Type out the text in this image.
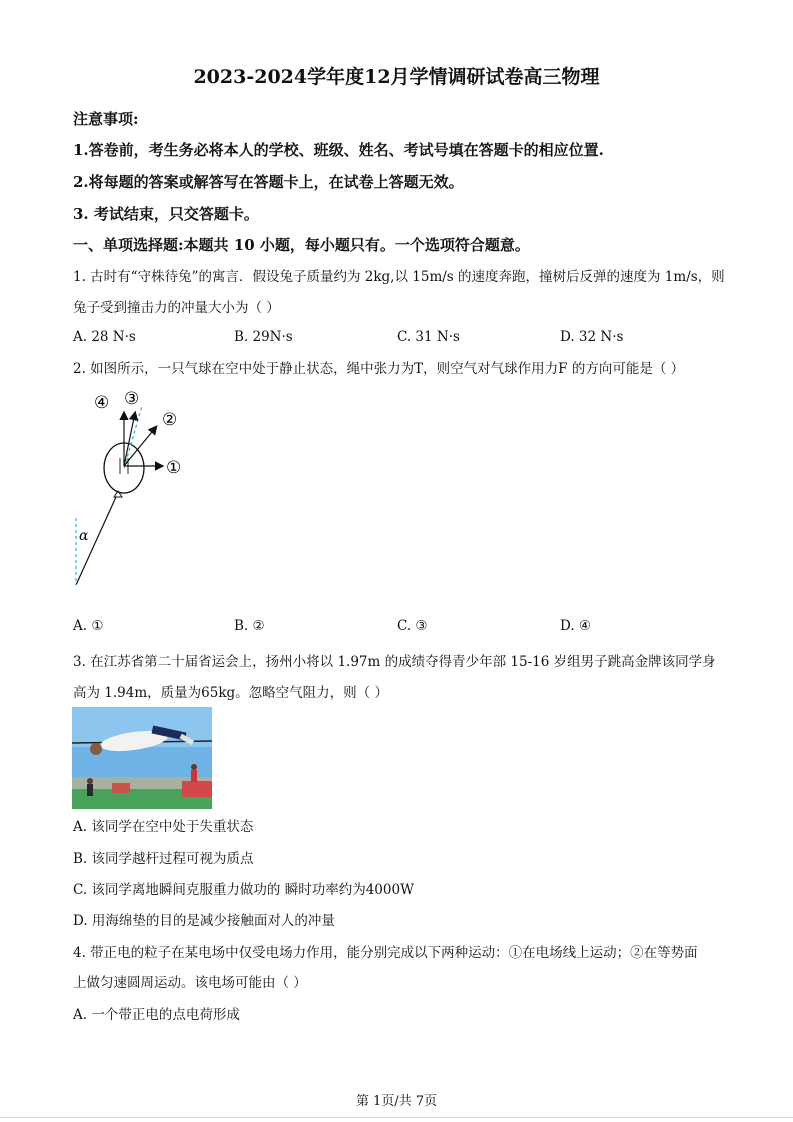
2023-2024学年度12月学情调研试卷高三物理
注意事项:
1.答卷前，考生务必将本人的学校、班级、姓名、考试号填在答题卡的相应位置.
2.将每题的答案或解答写在答题卡上，在试卷上答题无效。
3. 考试结束，只交答题卡。
一、单项选择题:本题共 10 小题，每小题只有。一个选项符合题意。
1. 古时有“守株待兔”的寓言．假设兔子质量约为 2kg,以 15m/s 的速度奔跑，撞树后反弹的速度为 1m/s，则
兔子受到撞击力的冲量大小为（ ）
A. 28 N·s	B. 29N·s	C. 31 N·s	D. 32 N·s
2. 如图所示，一只气球在空中处于静止状态，绳中张力为T，则空气对气球作用力F 的方向可能是（ ）
④ ③
②
①
α
A. ①	B. ②	C. ③	D. ④
3. 在江苏省第二十届省运会上，扬州小将以 1.97m 的成绩夺得青少年部 15-16 岁组男子跳高金牌该同学身
高为 1.94m，质量为65kg。忽略空气阻力，则（ ）
A. 该同学在空中处于失重状态
B. 该同学越杆过程可视为质点
C. 该同学离地瞬间克服重力做功的 瞬时功率约为4000W
D. 用海绵垫的目的是减少接触面对人的冲量
4. 带正电的粒子在某电场中仅受电场力作用，能分别完成以下两种运动：①在电场线上运动；②在等势面
上做匀速圆周运动。该电场可能由（ ）
A. 一个带正电的点电荷形成
第 1页/共 7页
